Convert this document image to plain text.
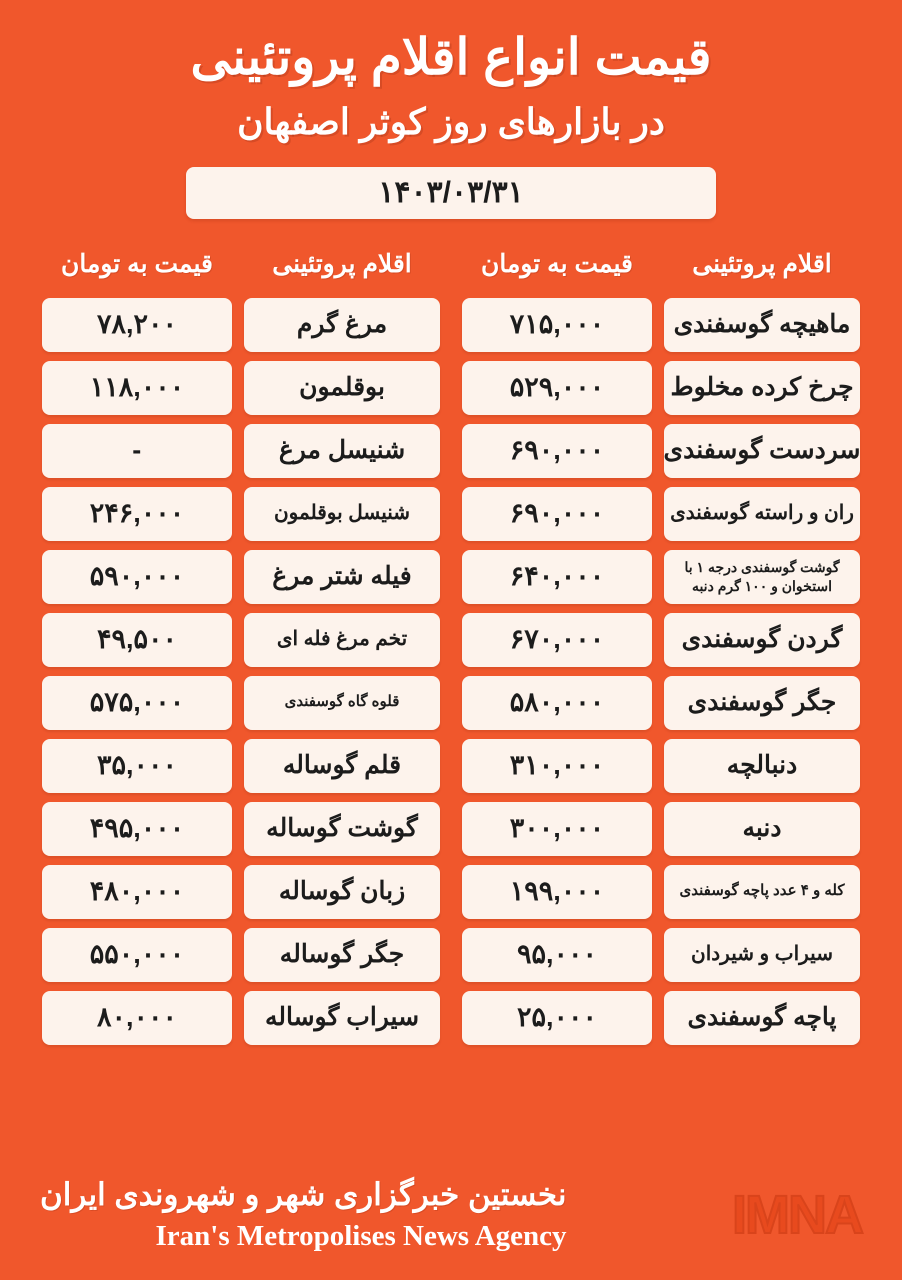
قیمت انواع اقلام پروتئینی
در بازارهای روز کوثر اصفهان
۱۴۰۳/۰۳/۳۱
اقلام پروتئینی
قیمت به تومان
مرغ گرم
۷۸,۲۰۰
بوقلمون
۱۱۸,۰۰۰
شنیسل مرغ
-
شنیسل بوقلمون
۲۴۶,۰۰۰
فیله شتر مرغ
۵۹۰,۰۰۰
تخم مرغ فله ای
۴۹,۵۰۰
قلوه گاه گوسفندی
۵۷۵,۰۰۰
قلم گوساله
۳۵,۰۰۰
گوشت گوساله
۴۹۵,۰۰۰
زبان گوساله
۴۸۰,۰۰۰
جگر گوساله
۵۵۰,۰۰۰
سیراب گوساله
۸۰,۰۰۰
اقلام پروتئینی
قیمت به تومان
ماهیچه گوسفندی
۷۱۵,۰۰۰
چرخ کرده مخلوط
۵۲۹,۰۰۰
سردست گوسفندی
۶۹۰,۰۰۰
ران و راسته گوسفندی
۶۹۰,۰۰۰
گوشت گوسفندی درجه ۱ با استخوان و ۱۰۰ گرم دنبه
۶۴۰,۰۰۰
گردن گوسفندی
۶۷۰,۰۰۰
جگر گوسفندی
۵۸۰,۰۰۰
دنبالچه
۳۱۰,۰۰۰
دنبه
۳۰۰,۰۰۰
کله و ۴ عدد پاچه گوسفندی
۱۹۹,۰۰۰
سیراب و شیردان
۹۵,۰۰۰
پاچه گوسفندی
۲۵,۰۰۰
نخستین خبرگزاری شهر و شهروندی ایران
Iran's Metropolises News Agency	IMNA
